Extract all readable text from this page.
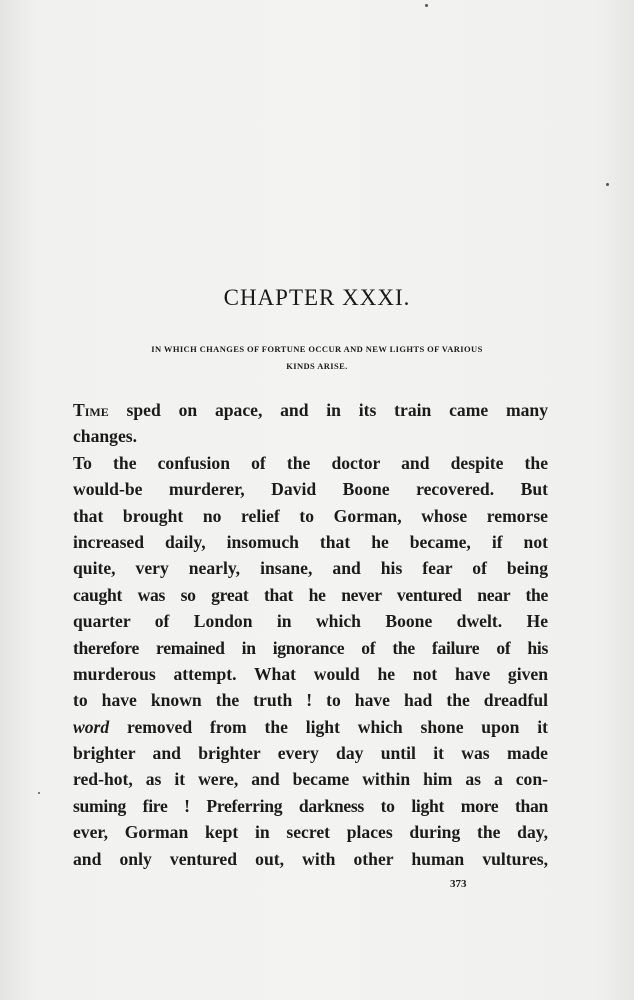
CHAPTER XXXI.
IN WHICH CHANGES OF FORTUNE OCCUR AND NEW LIGHTS OF VARIOUS
KINDS ARISE.
Time sped on apace, and in its train came many
changes.
To the confusion of the doctor and despite the
would-be murderer, David Boone recovered. But
that brought no relief to Gorman, whose remorse
increased daily, insomuch that he became, if not
quite, very nearly, insane, and his fear of being
caught was so great that he never ventured near the
quarter of London in which Boone dwelt. He
therefore remained in ignorance of the failure of his
murderous attempt. What would he not have given
to have known the truth ! to have had the dreadful
word removed from the light which shone upon it
brighter and brighter every day until it was made
red-hot, as it were, and became within him as a con-
suming fire ! Preferring darkness to light more than
ever, Gorman kept in secret places during the day,
and only ventured out, with other human vultures,
373
